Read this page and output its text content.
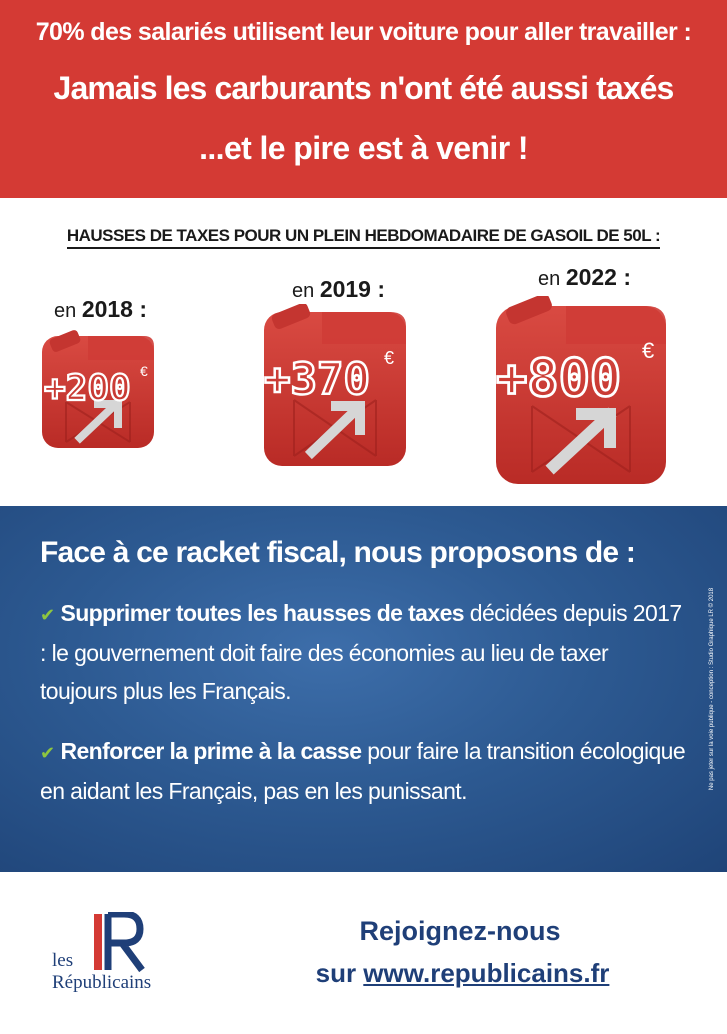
70% des salariés utilisent leur voiture pour aller travailler :
Jamais les carburants n'ont été aussi taxés
...et le pire est à venir !
HAUSSES DE TAXES POUR UN PLEIN HEBDOMADAIRE DE GASOIL DE 50L :
en 2018 :
en 2019 :	en 2022 :
+200 €	+370 € +800 €
Face à ce racket fiscal, nous proposons de :
✔ Supprimer toutes les hausses de taxes décidées depuis 2017 : le gouvernement doit faire des économies au lieu de taxer toujours plus les Français.
✔ Renforcer la prime à la casse pour faire la transition écologique en aidant les Français, pas en les punissant.
Ne pas jeter sur la voie publique - conception : Studio Graphique LR © 2018
les
Républicains
Rejoignez-nous
sur www.republicains.fr
